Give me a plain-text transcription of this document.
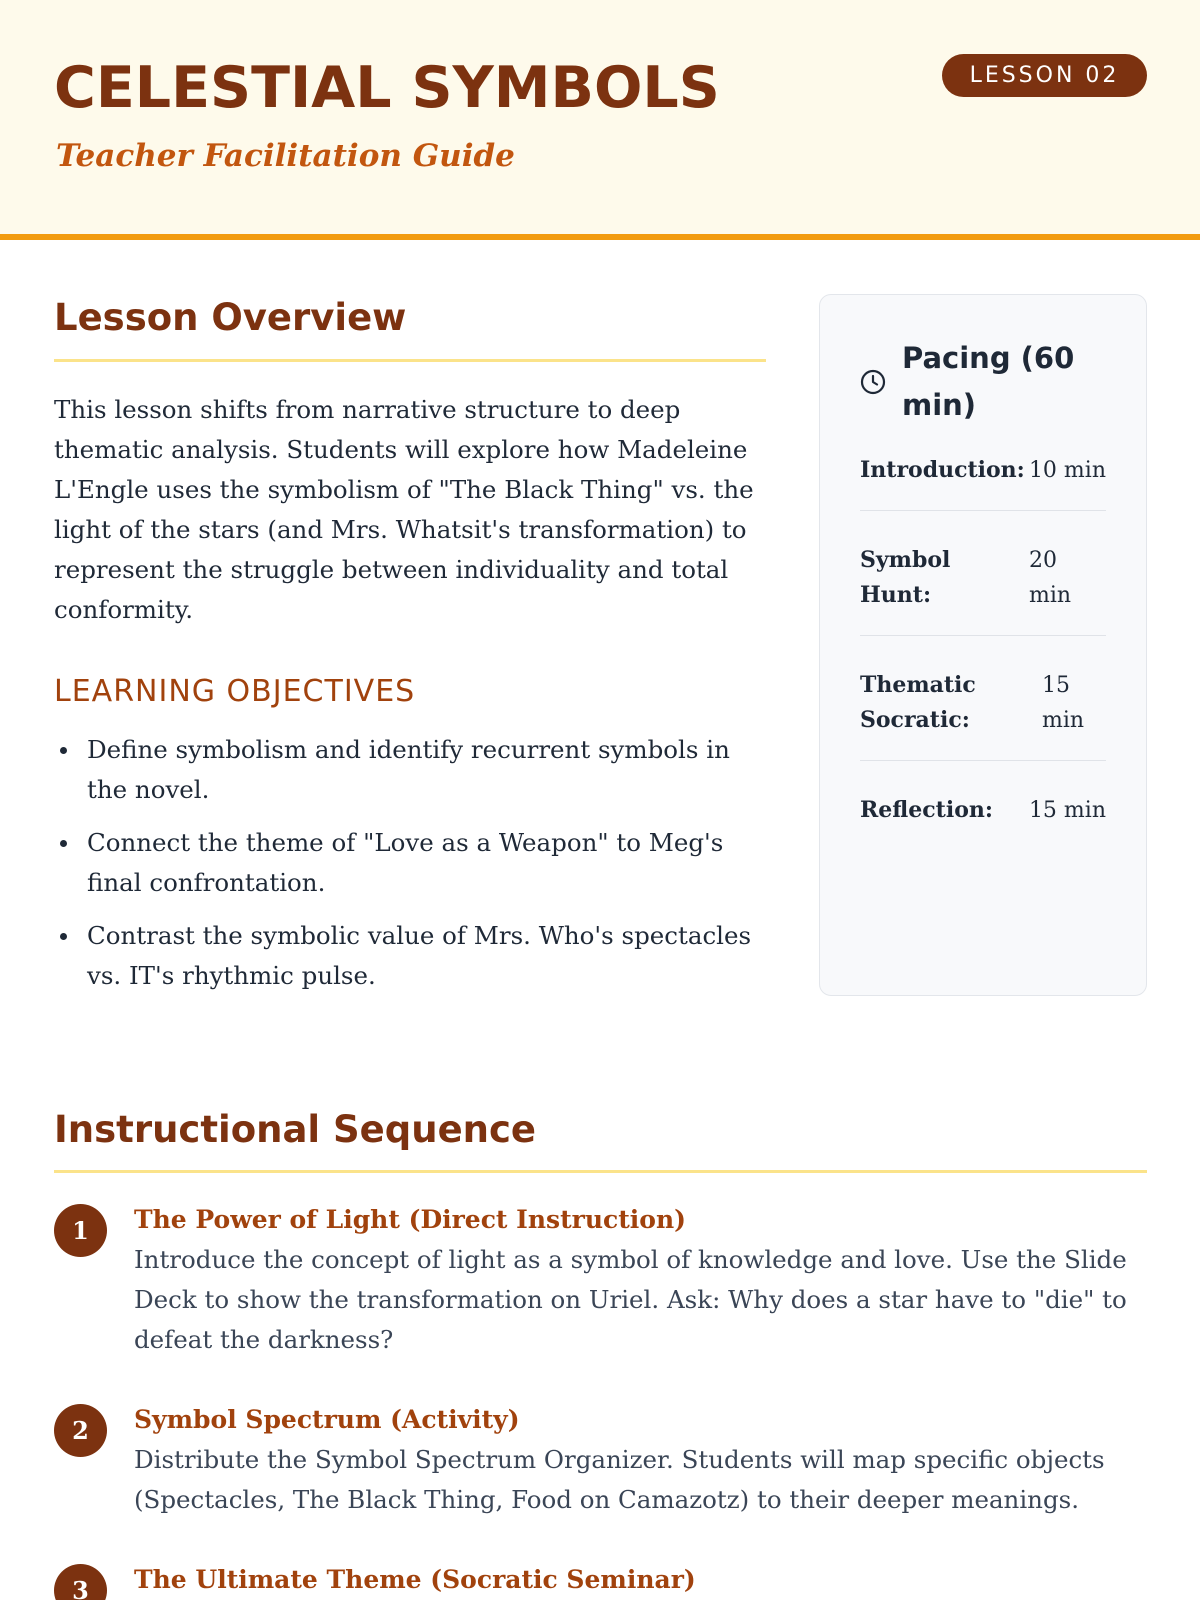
CELESTIAL SYMBOLS
Teacher Facilitation Guide
LESSON 02
Lesson Overview

This lesson shifts from narrative structure to deep thematic analysis. Students will explore how Madeleine L'Engle uses the symbolism of "The Black Thing" vs. the light of the stars (and Mrs. Whatsit's transformation) to represent the struggle between individuality and total conformity.

LEARNING OBJECTIVES
Define symbolism and identify recurrent symbols in the novel.
Connect the theme of "Love as a Weapon" to Meg's final confrontation.
Contrast the symbolic value of Mrs. Who's spectacles vs. IT's rhythmic pulse.
Pacing (60 min)
Introduction: 10 min
Symbol Hunt:
20 min
Thematic Socratic:
15 min
Reflection: 15 min
Instructional Sequence
1	The Power of Light (Direct Instruction)
Introduce the concept of light as a symbol of knowledge and love. Use the Slide Deck to show the transformation on Uriel. Ask: Why does a star have to "die" to defeat the darkness?
2	Symbol Spectrum (Activity)
Distribute the Symbol Spectrum Organizer. Students will map specific objects (Spectacles, The Black Thing, Food on Camazotz) to their deeper meanings.
3	The Ultimate Theme (Socratic Seminar)
